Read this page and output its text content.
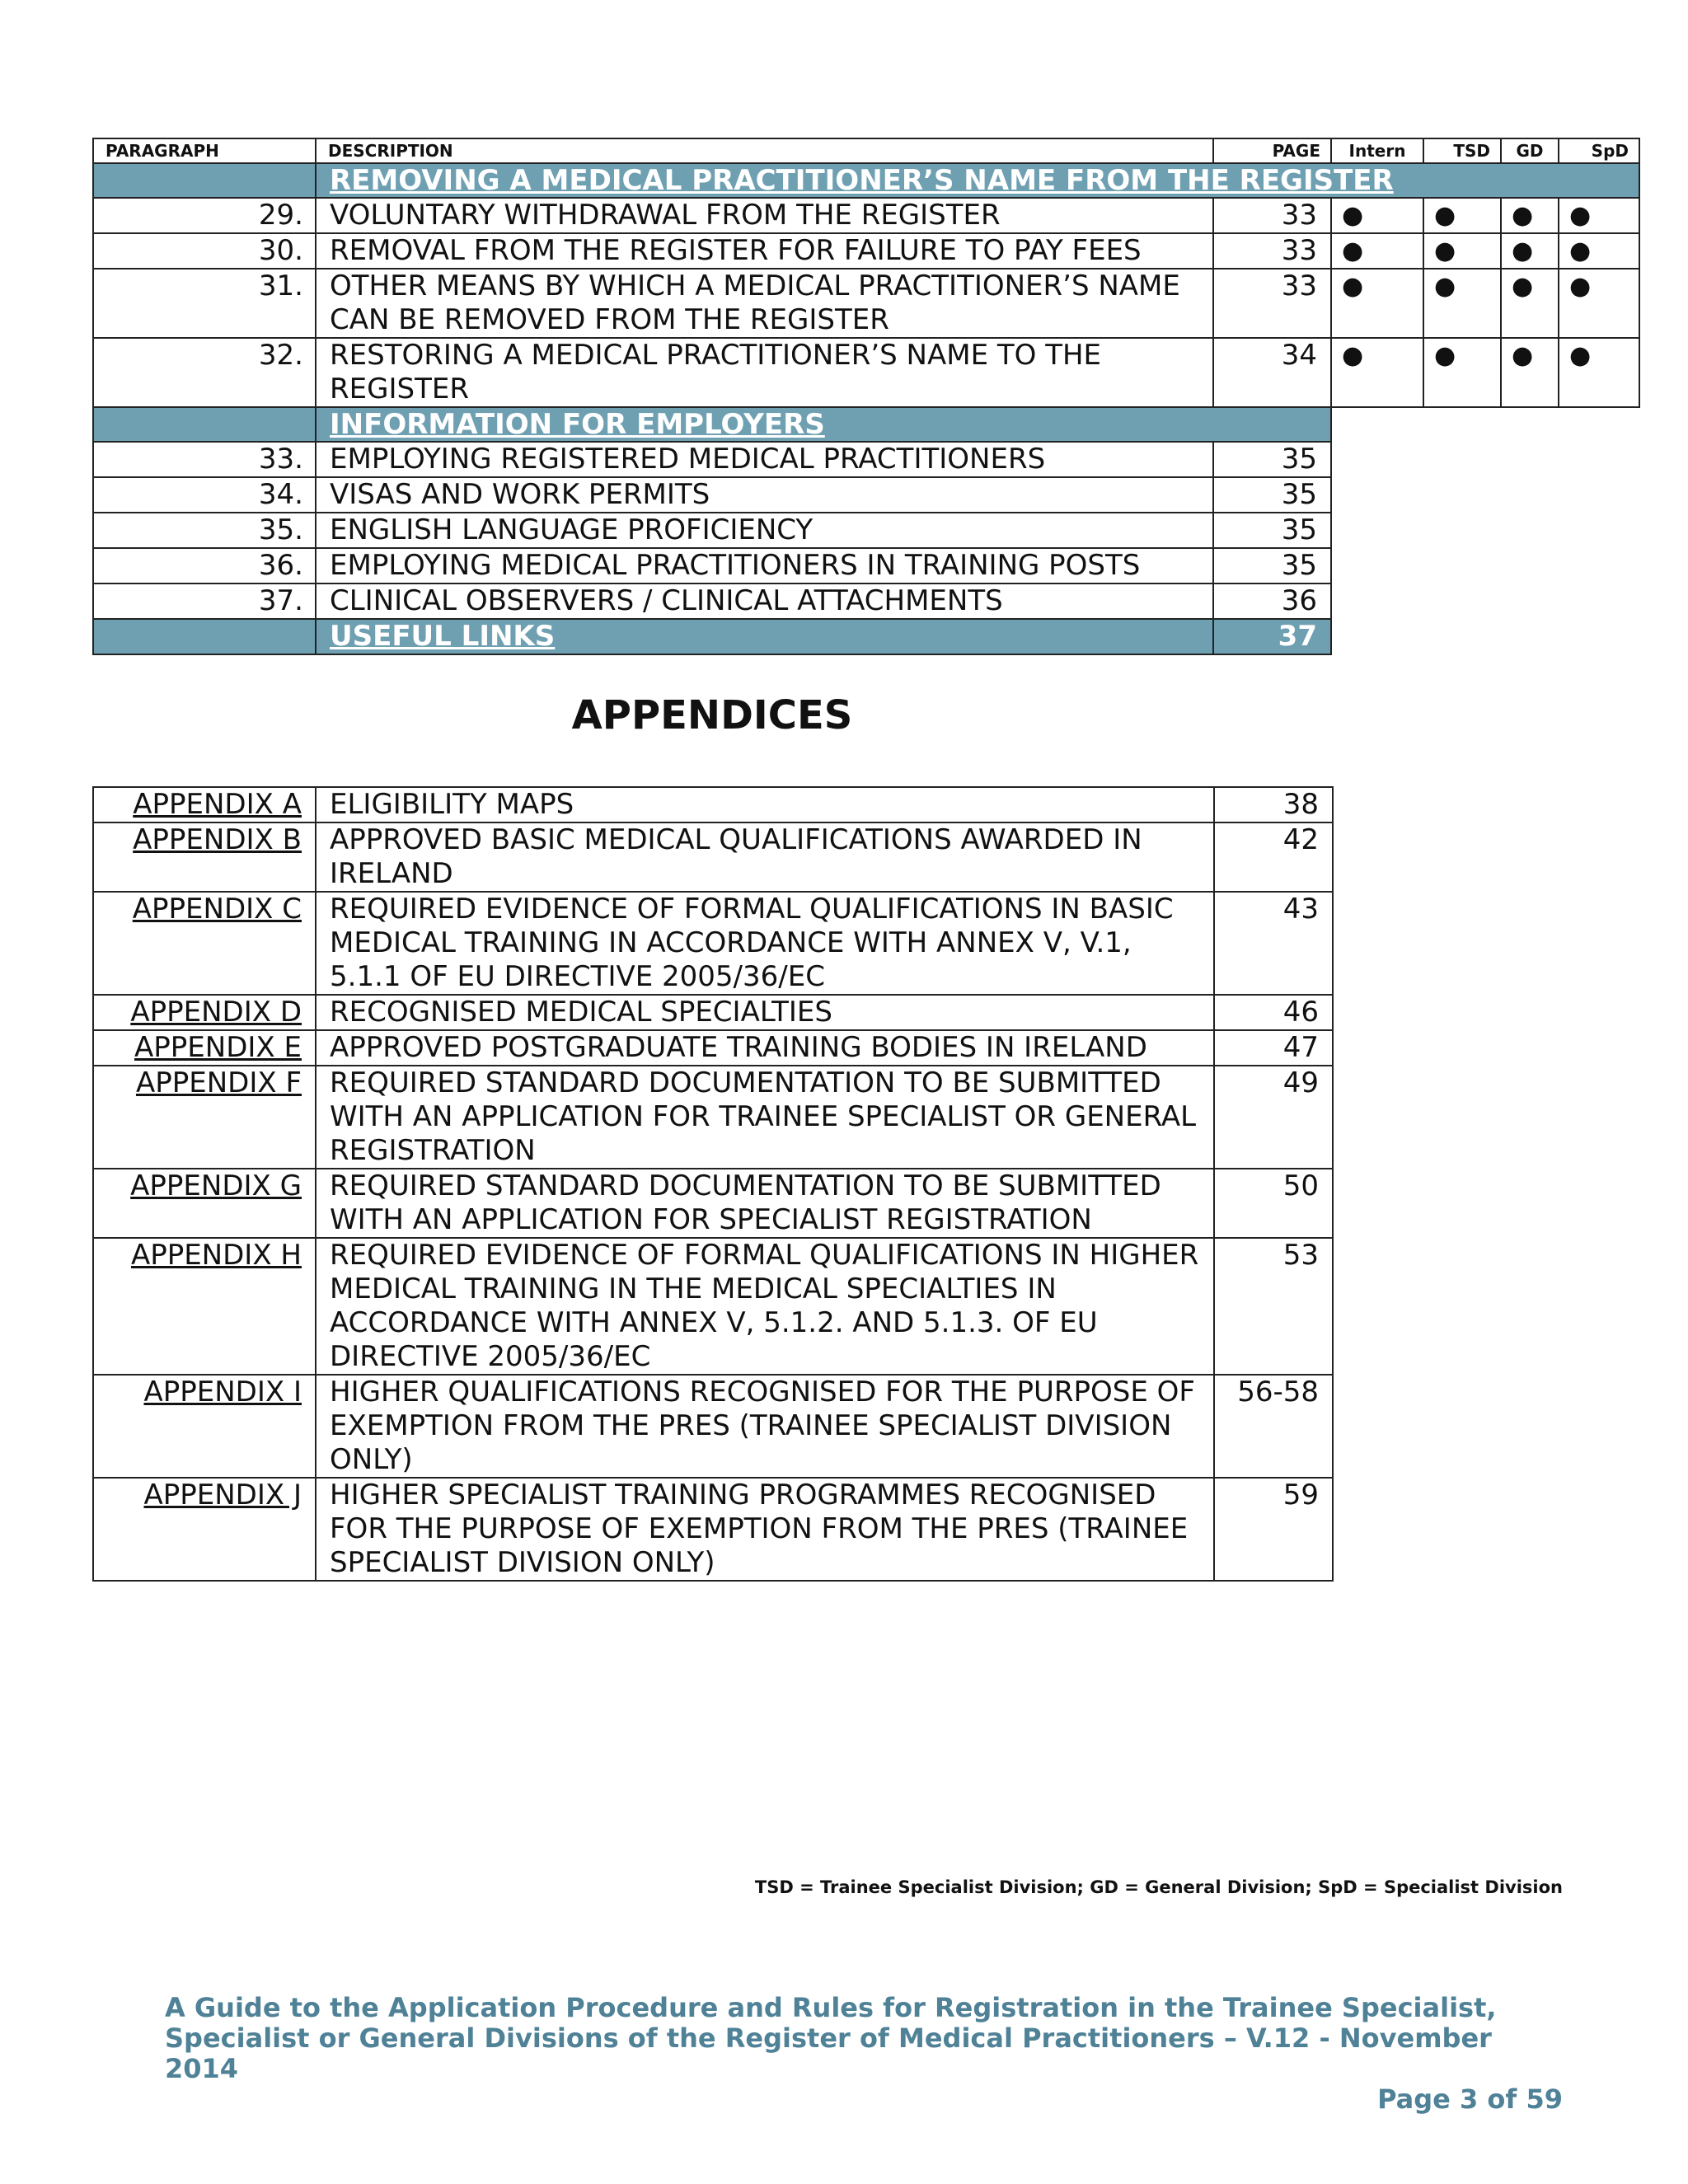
PARAGRAPH	DESCRIPTION	PAGE	Intern	TSD	GD	SpD
	REMOVING A MEDICAL PRACTITIONER’S NAME FROM THE REGISTER					
29.	VOLUNTARY WITHDRAWAL FROM THE REGISTER	33	●	●	●	●
30.	REMOVAL FROM THE REGISTER FOR FAILURE TO PAY FEES	33	●	●	●	●
31.	OTHER MEANS BY WHICH A MEDICAL PRACTITIONER’S NAME CAN BE REMOVED FROM THE REGISTER	33	●	●	●	●
32.	RESTORING A MEDICAL PRACTITIONER’S NAME TO THE REGISTER	34	●	●	●	●
	INFORMATION FOR EMPLOYERS					
33.	EMPLOYING REGISTERED MEDICAL PRACTITIONERS	35				
34.	VISAS AND WORK PERMITS	35				
35.	ENGLISH LANGUAGE PROFICIENCY	35				
36.	EMPLOYING MEDICAL PRACTITIONERS IN TRAINING POSTS	35				
37.	CLINICAL OBSERVERS / CLINICAL ATTACHMENTS	36				
	USEFUL LINKS	37				
APPENDICES
APPENDIX A	ELIGIBILITY MAPS	38
APPENDIX B	APPROVED BASIC MEDICAL QUALIFICATIONS AWARDED IN IRELAND	42
APPENDIX C	REQUIRED EVIDENCE OF FORMAL QUALIFICATIONS IN BASIC MEDICAL TRAINING IN ACCORDANCE WITH ANNEX V, V.1, 5.1.1 OF EU DIRECTIVE 2005/36/EC	43
APPENDIX D	RECOGNISED MEDICAL SPECIALTIES	46
APPENDIX E	APPROVED POSTGRADUATE TRAINING BODIES IN IRELAND	47
APPENDIX F	REQUIRED STANDARD DOCUMENTATION TO BE SUBMITTED WITH AN APPLICATION FOR TRAINEE SPECIALIST OR GENERAL REGISTRATION	49
APPENDIX G	REQUIRED STANDARD DOCUMENTATION TO BE SUBMITTED WITH AN APPLICATION FOR SPECIALIST REGISTRATION	50
APPENDIX H	REQUIRED EVIDENCE OF FORMAL QUALIFICATIONS IN HIGHER MEDICAL TRAINING IN THE MEDICAL SPECIALTIES IN ACCORDANCE WITH ANNEX V, 5.1.2. AND 5.1.3. OF EU DIRECTIVE 2005/36/EC	53
APPENDIX I	HIGHER QUALIFICATIONS RECOGNISED FOR THE PURPOSE OF EXEMPTION FROM THE PRES (TRAINEE SPECIALIST DIVISION ONLY)	56-58
APPENDIX J	HIGHER SPECIALIST TRAINING PROGRAMMES RECOGNISED FOR THE PURPOSE OF EXEMPTION FROM THE PRES (TRAINEE SPECIALIST DIVISION ONLY)	59
TSD = Trainee Specialist Division; GD = General Division; SpD = Specialist Division
A Guide to the Application Procedure and Rules for Registration in the Trainee Specialist,
Specialist or General Divisions of the Register of Medical Practitioners – V.12 - November 2014
Page 3 of 59
